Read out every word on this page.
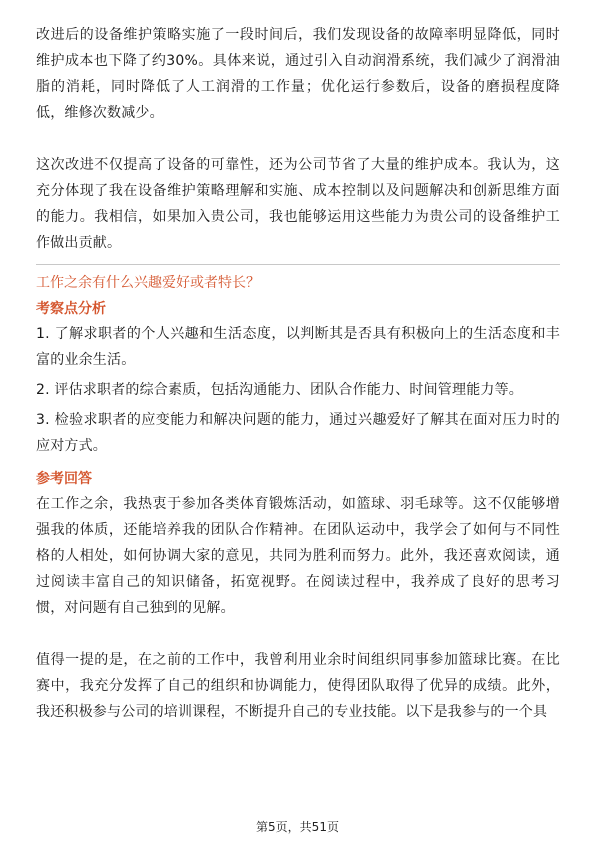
改进后的设备维护策略实施了一段时间后，我们发现设备的故障率明显降低，同时维护成本也下降了约30%。具体来说，通过引入自动润滑系统，我们减少了润滑油脂的消耗，同时降低了人工润滑的工作量；优化运行参数后，设备的磨损程度降低，维修次数减少。

这次改进不仅提高了设备的可靠性，还为公司节省了大量的维护成本。我认为，这充分体现了我在设备维护策略理解和实施、成本控制以及问题解决和创新思维方面的能力。我相信，如果加入贵公司，我也能够运用这些能力为贵公司的设备维护工作做出贡献。

工作之余有什么兴趣爱好或者特长？
考察点分析
1. 了解求职者的个人兴趣和生活态度，以判断其是否具有积极向上的生活态度和丰富的业余生活。
2. 评估求职者的综合素质，包括沟通能力、团队合作能力、时间管理能力等。
3. 检验求职者的应变能力和解决问题的能力，通过兴趣爱好了解其在面对压力时的应对方式。
参考回答

在工作之余，我热衷于参加各类体育锻炼活动，如篮球、羽毛球等。这不仅能够增强我的体质，还能培养我的团队合作精神。在团队运动中，我学会了如何与不同性格的人相处，如何协调大家的意见，共同为胜利而努力。此外，我还喜欢阅读，通过阅读丰富自己的知识储备，拓宽视野。在阅读过程中，我养成了良好的思考习惯，对问题有自己独到的见解。

值得一提的是，在之前的工作中，我曾利用业余时间组织同事参加篮球比赛。在比赛中，我充分发挥了自己的组织和协调能力，使得团队取得了优异的成绩。此外，我还积极参与公司的培训课程，不断提升自己的专业技能。以下是我参与的一个具

第5页，共51页
